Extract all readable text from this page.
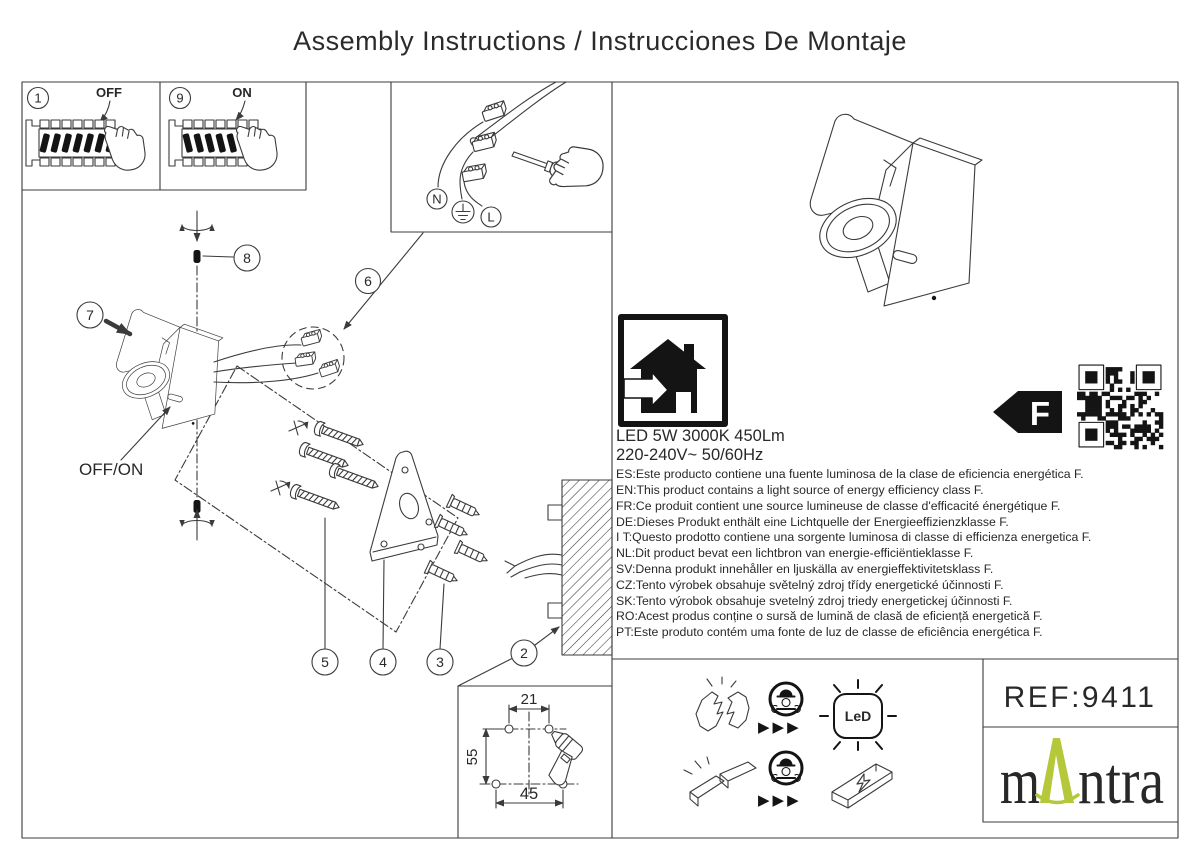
Assembly Instructions / Instrucciones De Montaje
1	OFF	9	ON
N
L
6
8
7
OFF/ON
5	4	3
2
21
55
45
LED 5W 3000K 450Lm
220-240V~ 50/60Hz
ES:Este producto contiene una fuente luminosa de la clase de eficiencia energética F.
EN:This product contains a light source of energy efficiency class F.
FR:Ce produit contient une source lumineuse de classe d'efficacité énergétique F.
DE:Dieses Produkt enthält eine Lichtquelle der Energieeffizienzklasse F.
I T:Questo prodotto contiene una sorgente luminosa di classe di efficienza energetica F.
NL:Dit product bevat een lichtbron van energie-efficiëntieklasse F.
SV:Denna produkt innehåller en ljuskälla av energieffektivitetsklass F.
CZ:Tento výrobek obsahuje světelný zdroj třídy energetické účinnosti F.
SK:Tento výrobok obsahuje svetelný zdroj triedy energetickej účinnosti F.
RO:Acest produs conține o sursă de lumină de clasă de eficiență energetică F.
PT:Este produto contém uma fonte de luz de classe de eficiência energética F.
F
▶▶▶
LeD
▶▶▶
REF:9411
m ntra
